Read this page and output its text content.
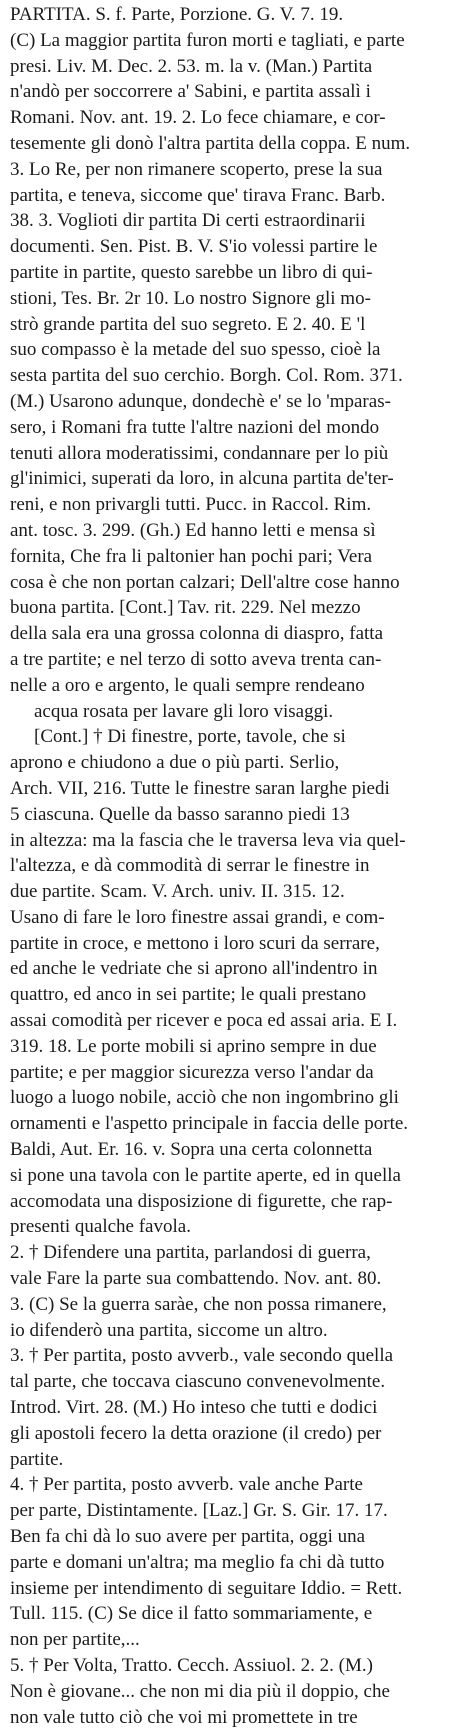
PARTITA. S. f. Parte, Porzione. G. V. 7. 19.
(C) La maggior partita furon morti e tagliati, e parte
presi. Liv. M. Dec. 2. 53. m. la v. (Man.) Partita
n'andò per soccorrere a' Sabini, e partita assalì i
Romani. Nov. ant. 19. 2. Lo fece chiamare, e cor-
tesemente gli donò l'altra partita della coppa. E num.
3. Lo Re, per non rimanere scoperto, prese la sua
partita, e teneva, siccome que' tirava Franc. Barb.
38. 3. Voglioti dir partita Di certi estraordinarii
documenti. Sen. Pist. B. V. S'io volessi partire le
partite in partite, questo sarebbe un libro di qui-
stioni, Tes. Br. 2r 10. Lo nostro Signore gli mo-
strò grande partita del suo segreto. E 2. 40. E 'l
suo compasso è la metade del suo spesso, cioè la
sesta partita del suo cerchio. Borgh. Col. Rom. 371.
(M.) Usarono adunque, dondechè e' se lo 'mparas-
sero, i Romani fra tutte l'altre nazioni del mondo
tenuti allora moderatissimi, condannare per lo più
gl'inimici, superati da loro, in alcuna partita de'ter-
reni, e non privargli tutti. Pucc. in Raccol. Rim.
ant. tosc. 3. 299. (Gh.) Ed hanno letti e mensa sì
fornita, Che fra li paltonier han pochi pari; Vera
cosa è che non portan calzari; Dell'altre cose hanno
buona partita. [Cont.] Tav. rit. 229. Nel mezzo
della sala era una grossa colonna di diaspro, fatta
a tre partite; e nel terzo di sotto aveva trenta can-
nelle a oro e argento, le quali sempre rendeano
acqua rosata per lavare gli loro visaggi.
[Cont.] † Di finestre, porte, tavole, che si
aprono e chiudono a due o più parti. Serlio,
Arch. VII, 216. Tutte le finestre saran larghe piedi
5 ciascuna. Quelle da basso saranno piedi 13
in altezza: ma la fascia che le traversa leva via quel-
l'altezza, e dà commodità di serrar le finestre in
due partite. Scam. V. Arch. univ. II. 315. 12.
Usano di fare le loro finestre assai grandi, e com-
partite in croce, e mettono i loro scuri da serrare,
ed anche le vedriate che si aprono all'indentro in
quattro, ed anco in sei partite; le quali prestano
assai comodità per ricever e poca ed assai aria. E I.
319. 18. Le porte mobili si aprino sempre in due
partite; e per maggior sicurezza verso l'andar da
luogo a luogo nobile, acciò che non ingombrino gli
ornamenti e l'aspetto principale in faccia delle porte.
Baldi, Aut. Er. 16. v. Sopra una certa colonnetta
si pone una tavola con le partite aperte, ed in quella
accomodata una disposizione di figurette, che rap-
presenti qualche favola.
2. † Difendere una partita, parlandosi di guerra,
vale Fare la parte sua combattendo. Nov. ant. 80.
3. (C) Se la guerra saràe, che non possa rimanere,
io difenderò una partita, siccome un altro.
3. † Per partita, posto avverb., vale secondo quella
tal parte, che toccava ciascuno convenevolmente.
Introd. Virt. 28. (M.) Ho inteso che tutti e dodici
gli apostoli fecero la detta orazione (il credo) per
partite.
4. † Per partita, posto avverb. vale anche Parte
per parte, Distintamente. [Laz.] Gr. S. Gir. 17. 17.
Ben fa chi dà lo suo avere per partita, oggi una
parte e domani un'altra; ma meglio fa chi dà tutto
insieme per intendimento di seguitare Iddio. = Rett.
Tull. 115. (C) Se dice il fatto sommariamente, e
non per partite,...
5. † Per Volta, Tratto. Cecch. Assiuol. 2. 2. (M.)
Non è giovane... che non mi dia più il doppio, che
non vale tutto ciò che voi mi promettete in tre
